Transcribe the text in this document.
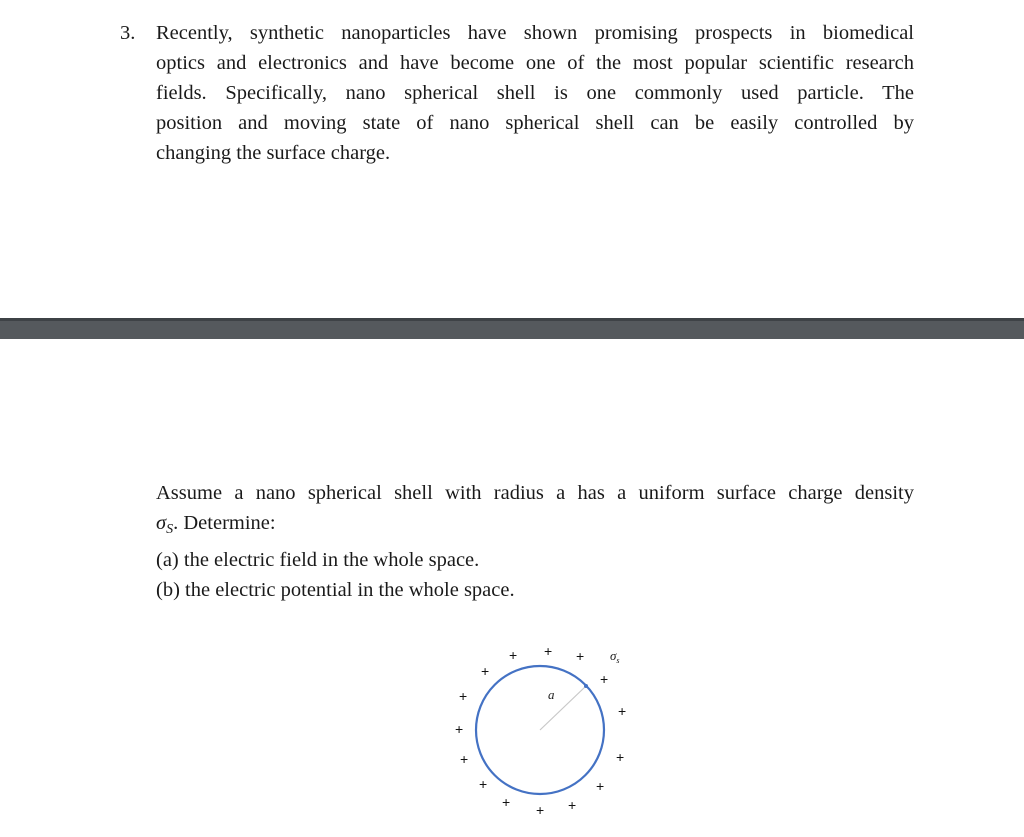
3. Recently, synthetic nanoparticles have shown promising prospects in biomedical
optics and electronics and have become one of the most popular scientific research
fields. Specifically, nano spherical shell is one commonly used particle. The
position and moving state of nano spherical shell can be easily controlled by
changing the surface charge.
Assume a nano spherical shell with radius a has a uniform surface charge density
$\sigma_S$. Determine:
(a) the electric field in the whole space.
(b) the electric potential in the whole space.
a
$\sigma_s$
+ + +
+	+
+
+
+
+	+
+	+
+	+
+
